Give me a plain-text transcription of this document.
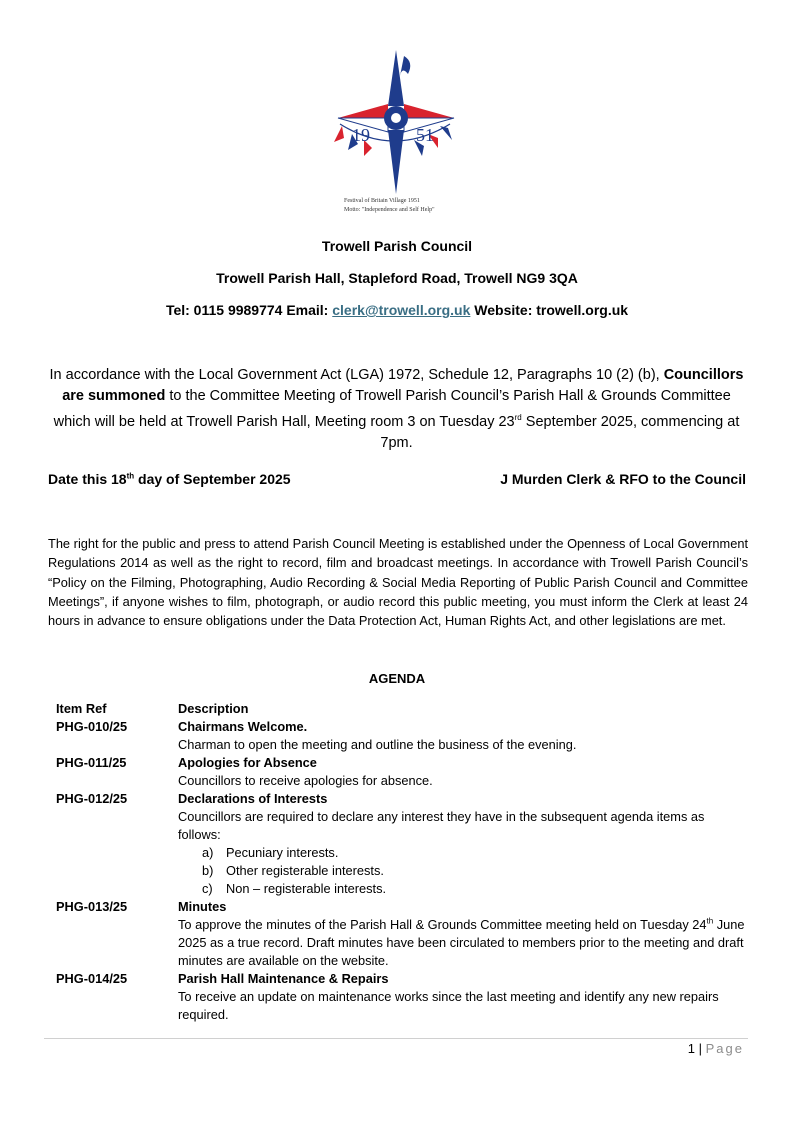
19	51
Festival of Britain Village 1951
Motto: "Independence and Self Help"
Trowell Parish Council
Trowell Parish Hall, Stapleford Road, Trowell NG9 3QA
Tel: 0115 9989774 Email: clerk@trowell.org.uk Website: trowell.org.uk
In accordance with the Local Government Act (LGA) 1972, Schedule 12, Paragraphs 10 (2) (b), Councillors are summoned to the Committee Meeting of Trowell Parish Council’s Parish Hall & Grounds Committee which will be held at Trowell Parish Hall, Meeting room 3 on Tuesday 23rd September 2025, commencing at 7pm.
Date this 18th day of September 2025	J Murden Clerk & RFO to the Council
The right for the public and press to attend Parish Council Meeting is established under the Openness of Local Government Regulations 2014 as well as the right to record, film and broadcast meetings. In accordance with Trowell Parish Council’s “Policy on the Filming, Photographing, Audio Recording & Social Media Reporting of Public Parish Council and Committee Meetings”, if anyone wishes to film, photograph, or audio record this public meeting, you must inform the Clerk at least 24 hours in advance to ensure obligations under the Data Protection Act, Human Rights Act, and other legislations are met.
AGENDA
Item Ref	Description
PHG-010/25	Chairmans Welcome.
Charman to open the meeting and outline the business of the evening.
PHG-011/25	Apologies for Absence
Councillors to receive apologies for absence.
PHG-012/25	Declarations of Interests
Councillors are required to declare any interest they have in the subsequent agenda items as follows:
a) Pecuniary interests.
b) Other registerable interests.
c) Non – registerable interests.
PHG-013/25	Minutes
To approve the minutes of the Parish Hall & Grounds Committee meeting held on Tuesday 24th June 2025 as a true record. Draft minutes have been circulated to members prior to the meeting and draft minutes are available on the website.
PHG-014/25	Parish Hall Maintenance & Repairs
To receive an update on maintenance works since the last meeting and identify any new repairs required.
1 | Page
